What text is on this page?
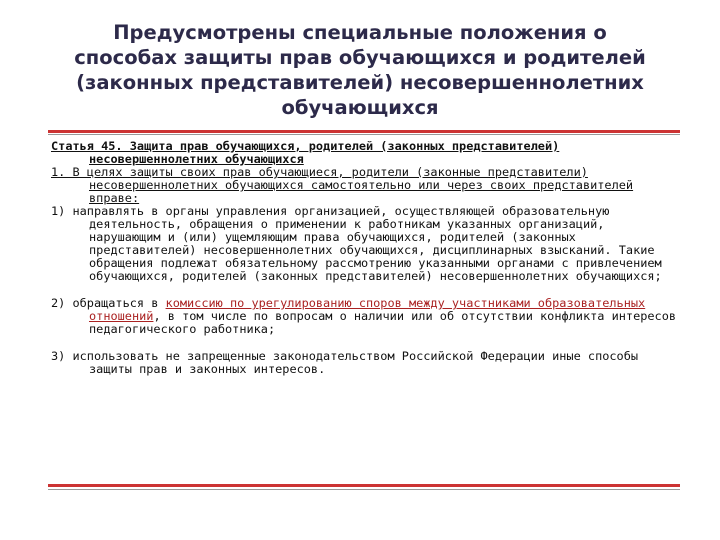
Предусмотрены специальные положения о
способах защиты прав обучающихся и родителей
(законных представителей) несовершеннолетних
обучающихся

Статья 45. Защита прав обучающихся, родителей (законных представителей) несовершеннолетних обучающихся

1. В целях защиты своих прав обучающиеся, родители (законные представители) несовершеннолетних обучающихся самостоятельно или через своих представителей вправе:

1) направлять в органы управления организацией, осуществляющей образовательную деятельность, обращения о применении к работникам указанных организаций, нарушающим и (или) ущемляющим права обучающихся, родителей (законных представителей) несовершеннолетних обучающихся, дисциплинарных взысканий. Такие обращения подлежат обязательному рассмотрению указанными органами с привлечением обучающихся, родителей (законных представителей) несовершеннолетних обучающихся;

2) обращаться в комиссию по урегулированию споров между участниками образовательных отношений, в том числе по вопросам о наличии или об отсутствии конфликта интересов педагогического работника;

3) использовать не запрещенные законодательством Российской Федерации иные способы защиты прав и законных интересов.
